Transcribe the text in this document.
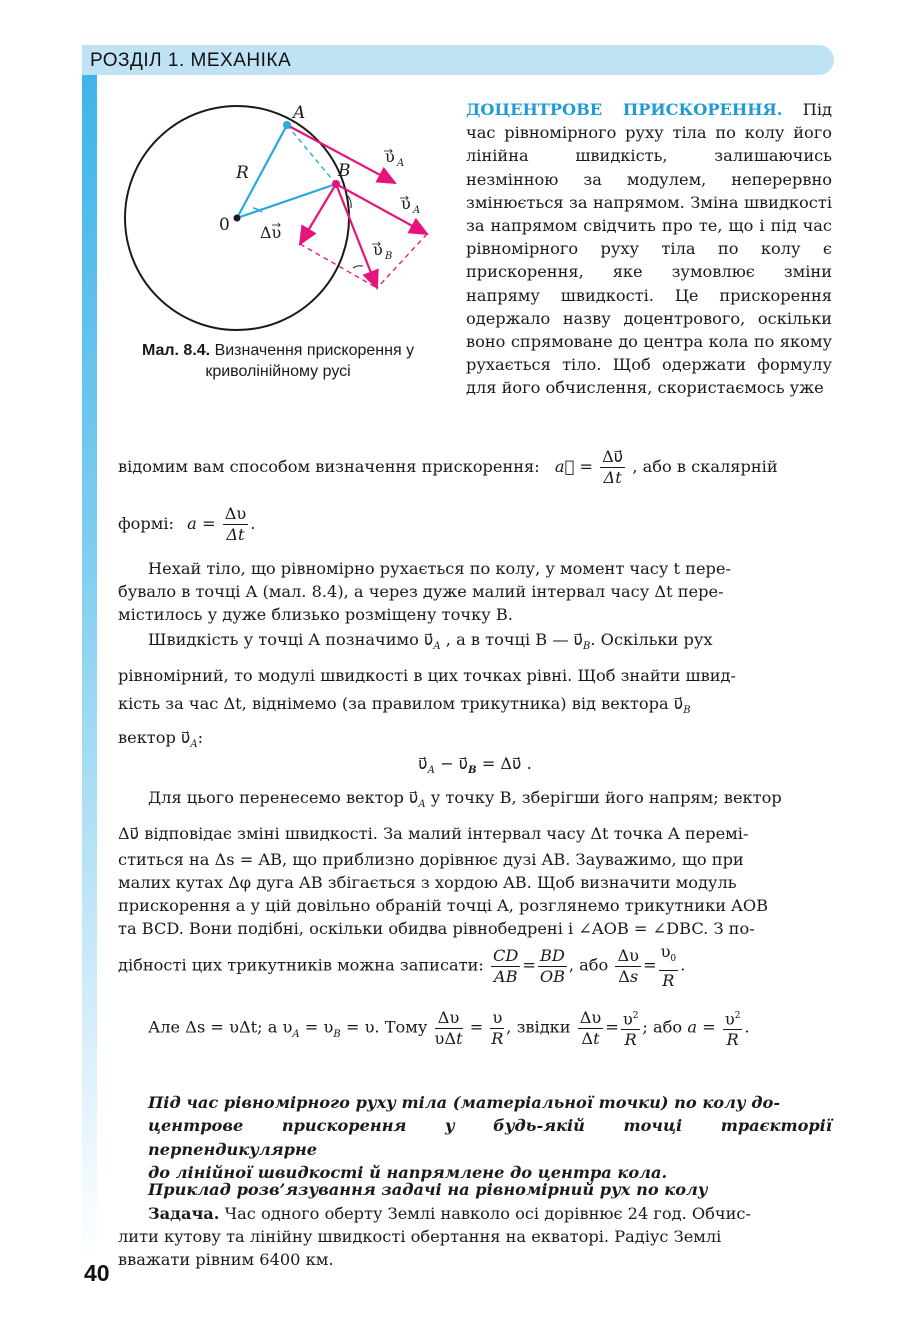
РОЗДІЛ 1. МЕХАНІКА
40
A
B
R
0
υ A
υ A
Δυ
υ B
Мал. 8.4. Визначення прискорення у криволінійному русі
ДОЦЕНТРОВЕ ПРИСКОРЕННЯ. Під час рівномірного руху тіла по колу його лінійна швидкість, залишаючись незмінною за модулем, неперервно змінюється за напрямом. Зміна швидкості за напрямом свідчить про те, що і під час рівномірного руху тіла по колу є прискорення, яке зумовлює зміни напряму швидкості. Це прискорення одержало назву доцентрового, оскільки воно спрямоване до центра кола по якому рухається тіло. Щоб одержати формулу для його обчислення, скористаємось уже
відомим вам способом визначення прискорення: a⃗ = $\frac{\Delta\upsilon⃗}{\Delta t}$ , або в скалярній
формі: $a = \frac{\Delta\upsilon}{\Delta t}$ .
Нехай тіло, що рівномірно рухається по колу, у момент часу t пере-
бувало в точці A (мал. 8.4), а через дуже малий інтервал часу Δt пере-
містилось у дуже близько розміщену точку B.
Швидкість у точці A позначимо $\upsilon⃗_A$ , а в точці B — $\upsilon⃗_B$. Оскільки рух
рівномірний, то модулі швидкості в цих точках рівні. Щоб знайти швид-
кість за час Δt, віднімемо (за правилом трикутника) від вектора $\upsilon⃗_B$
вектор $\upsilon⃗_A$:
$\upsilon⃗_A$ − $\upsilon⃗_B$ = Δυ⃗ .
Для цього перенесемо вектор $\upsilon⃗_A$ у точку B, зберігши його напрям; вектор
Δυ⃗ відповідає зміні швидкості. За малий інтервал часу Δt точка A перемі-
ститься на Δs = AB, що приблизно дорівнює дузі AB. Зауважимо, що при
малих кутах Δφ дуга AB збігається з хордою AB. Щоб визначити модуль
прискорення a у цій довільно обраній точці A, розглянемо трикутники AOB
та BCD. Вони подібні, оскільки обидва рівнобедрені і ∠AOB = ∠DBC. З по-
дібності цих трикутників можна записати: $\frac{CD}{AB} = \frac{BD}{OB}$ , або $\frac{\Delta\upsilon}{\Delta s} = \frac{\upsilon_0}{R}$ .
Але Δs = υΔt; а $\upsilon_A = \upsilon_B = \upsilon$. Тому $\frac{\Delta\upsilon}{\text{υΔt}} = \frac{\upsilon}{R}$ , звідки $\frac{\Delta\upsilon}{\Delta t} = \frac{\upsilon^2}{R}$ ; або $a = \frac{\upsilon^2}{R}$ .
Під час рівномірного руху тіла (матеріальної точки) по колу до-
центрове прискорення у будь-якій точці траєкторії перпендикулярне
до лінійної швидкості й напрямлене до центра кола.
Приклад розв’язування задачі на рівномірний рух по колу
Задача. Час одного оберту Землі навколо осі дорівнює 24 год. Обчис-
лити кутову та лінійну швидкості обертання на екваторі. Радіус Землі
вважати рівним 6400 км.
